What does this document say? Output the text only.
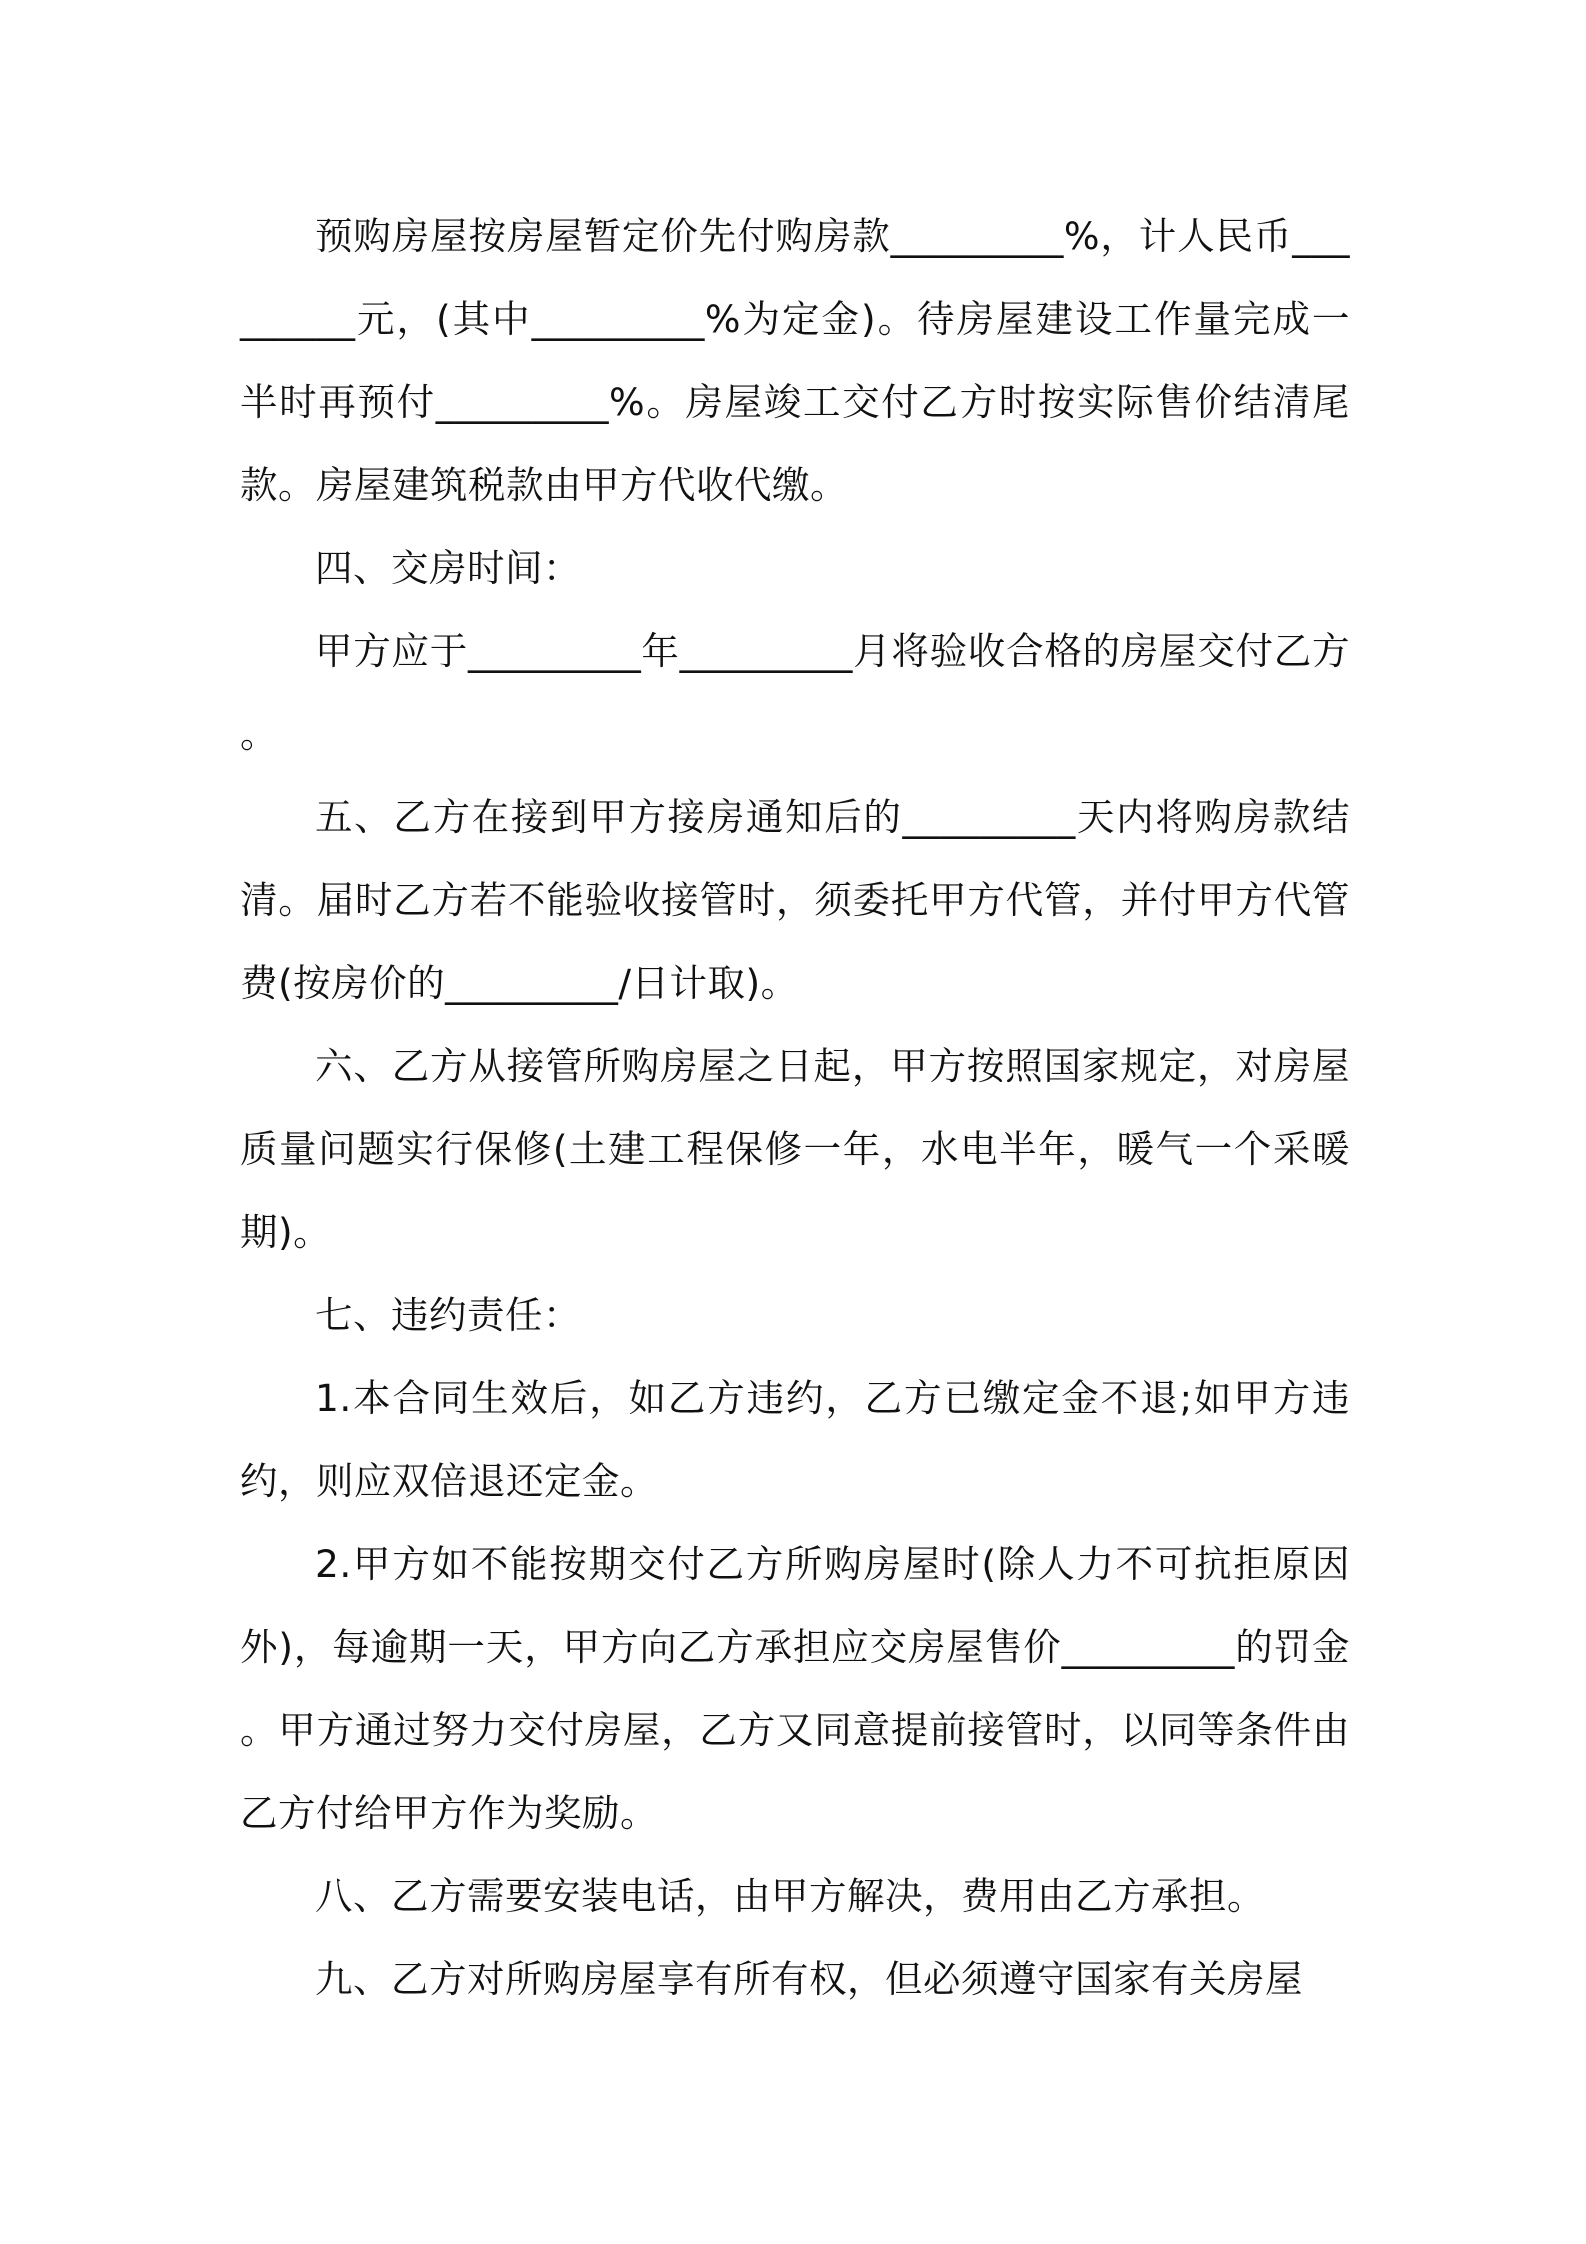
预购房屋按房屋暂定价先付购房款_________%，计人民币_________元，(其中_________%为定金)。待房屋建设工作量完成一半时再预付_________%。房屋竣工交付乙方时按实际售价结清尾款。房屋建筑税款由甲方代收代缴。

四、交房时间：

甲方应于_________年_________月将验收合格的房屋交付乙方。

五、乙方在接到甲方接房通知后的_________天内将购房款结清。届时乙方若不能验收接管时，须委托甲方代管，并付甲方代管费(按房价的_________/日计取)。

六、乙方从接管所购房屋之日起，甲方按照国家规定，对房屋质量问题实行保修(土建工程保修一年，水电半年，暖气一个采暖期)。

七、违约责任：

1.本合同生效后，如乙方违约，乙方已缴定金不退;如甲方违约，则应双倍退还定金。

2.甲方如不能按期交付乙方所购房屋时(除人力不可抗拒原因外)，每逾期一天，甲方向乙方承担应交房屋售价_________的罚金。甲方通过努力交付房屋，乙方又同意提前接管时，以同等条件由乙方付给甲方作为奖励。

八、乙方需要安装电话，由甲方解决，费用由乙方承担。

九、乙方对所购房屋享有所有权，但必须遵守国家有关房屋
